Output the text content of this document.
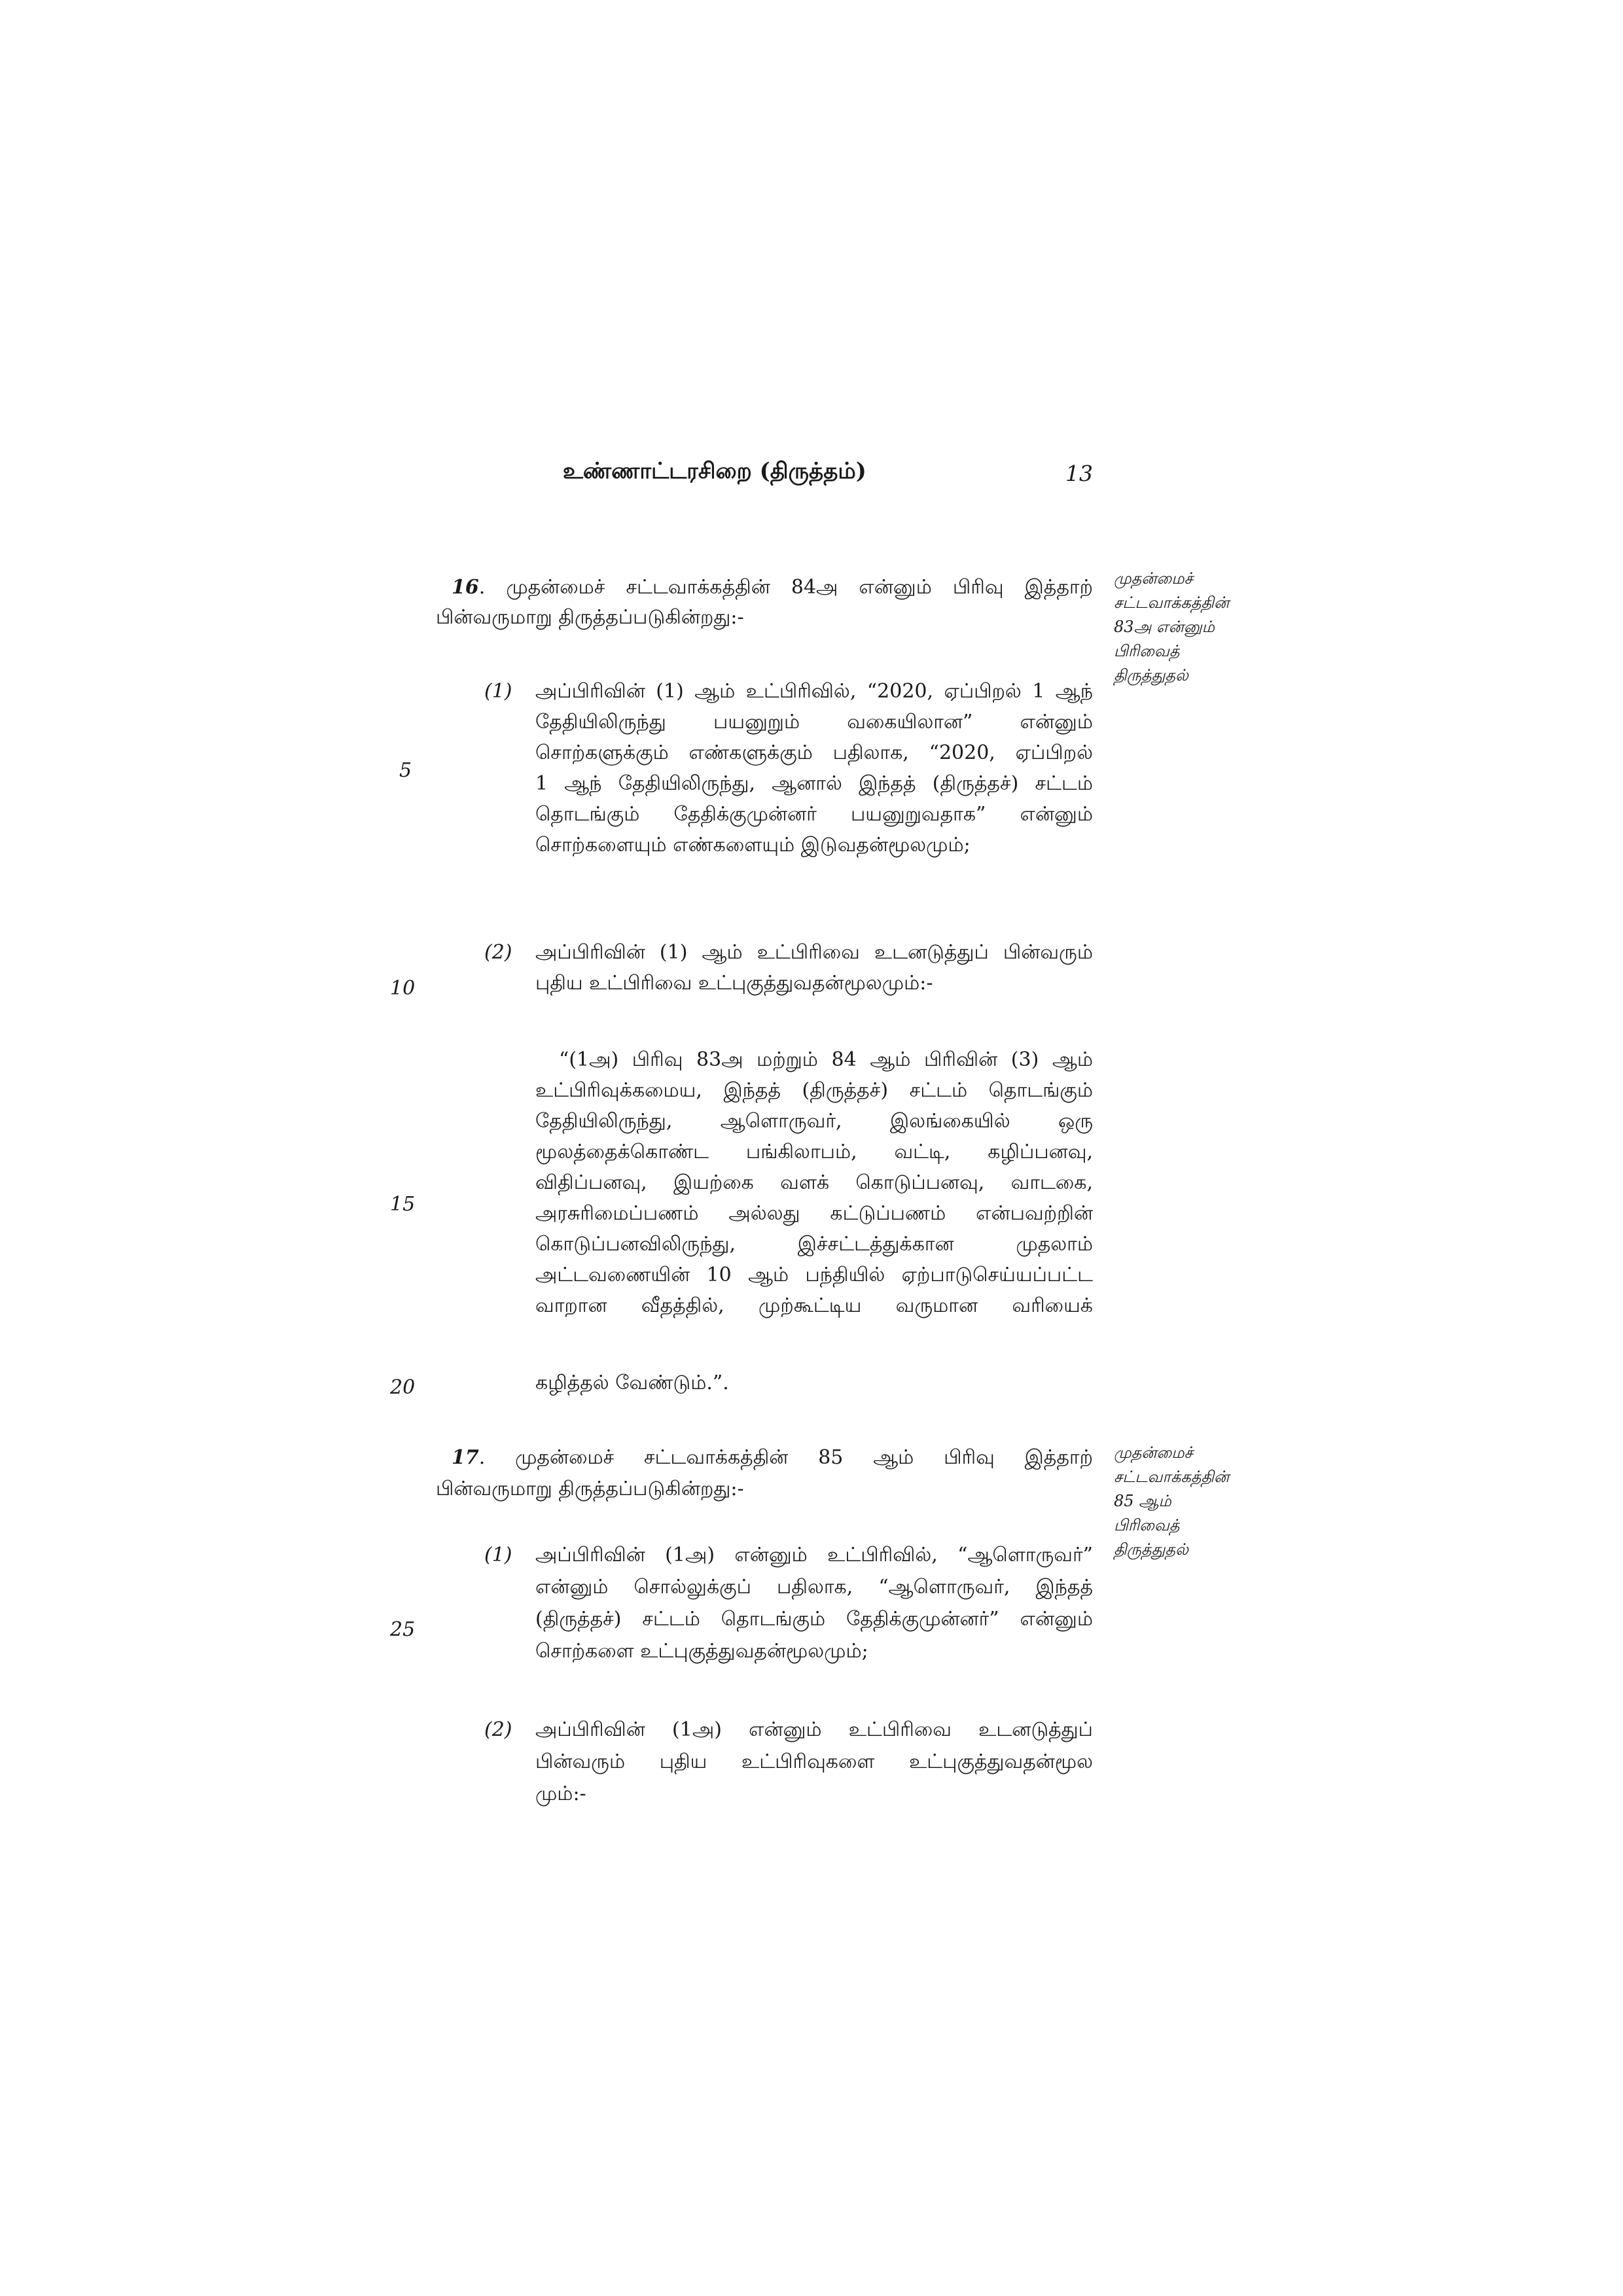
உண்ணாட்டரசிறை (திருத்தம்)	13
5
10
15
20
25
16. முதன்மைச் சட்டவாக்கத்தின் 84அ என்னும் பிரிவு இத்தாற்
பின்வருமாறு திருத்தப்படுகின்றது:-
முதன்மைச்
சட்டவாக்கத்தின்
83அ என்னும்
பிரிவைத்
திருத்துதல்
(1) அப்பிரிவின் (1) ஆம் உட்பிரிவில், “2020, ஏப்பிறல் 1 ஆந்
தேதியிலிருந்து பயனுறும் வகையிலான” என்னும்
சொற்களுக்கும் எண்களுக்கும் பதிலாக, “2020, ஏப்பிறல்
1 ஆந் தேதியிலிருந்து, ஆனால் இந்தத் (திருத்தச்) சட்டம்
தொடங்கும் தேதிக்குமுன்னர் பயனுறுவதாக” என்னும்
சொற்களையும் எண்களையும் இடுவதன்மூலமும்;
(2) அப்பிரிவின் (1) ஆம் உட்பிரிவை உடனடுத்துப் பின்வரும்
புதிய உட்பிரிவை உட்புகுத்துவதன்மூலமும்:-
“(1அ) பிரிவு 83அ மற்றும் 84 ஆம் பிரிவின் (3) ஆம்
உட்பிரிவுக்கமைய, இந்தத் (திருத்தச்) சட்டம் தொடங்கும்
தேதியிலிருந்து, ஆளொருவர், இலங்கையில் ஒரு
மூலத்தைக்கொண்ட பங்கிலாபம், வட்டி, கழிப்பனவு,
விதிப்பனவு, இயற்கை வளக் கொடுப்பனவு, வாடகை,
அரசுரிமைப்பணம் அல்லது கட்டுப்பணம் என்பவற்றின்
கொடுப்பனவிலிருந்து, இச்சட்டத்துக்கான முதலாம்
அட்டவணையின் 10 ஆம் பந்தியில் ஏற்பாடுசெய்யப்பட்ட
வாறான வீதத்தில், முற்கூட்டிய வருமான வரியைக்
கழித்தல் வேண்டும்.”.
17. முதன்மைச் சட்டவாக்கத்தின் 85 ஆம் பிரிவு இத்தாற்
பின்வருமாறு திருத்தப்படுகின்றது:-
முதன்மைச்
சட்டவாக்கத்தின்
85 ஆம்
பிரிவைத்
திருத்துதல்
(1) அப்பிரிவின் (1அ) என்னும் உட்பிரிவில், “ஆளொருவர்”
என்னும் சொல்லுக்குப் பதிலாக, “ஆளொருவர், இந்தத்
(திருத்தச்) சட்டம் தொடங்கும் தேதிக்குமுன்னர்” என்னும்
சொற்களை உட்புகுத்துவதன்மூலமும்;
(2) அப்பிரிவின் (1அ) என்னும் உட்பிரிவை உடனடுத்துப்
பின்வரும் புதிய உட்பிரிவுகளை உட்புகுத்துவதன்மூல
மும்:-
